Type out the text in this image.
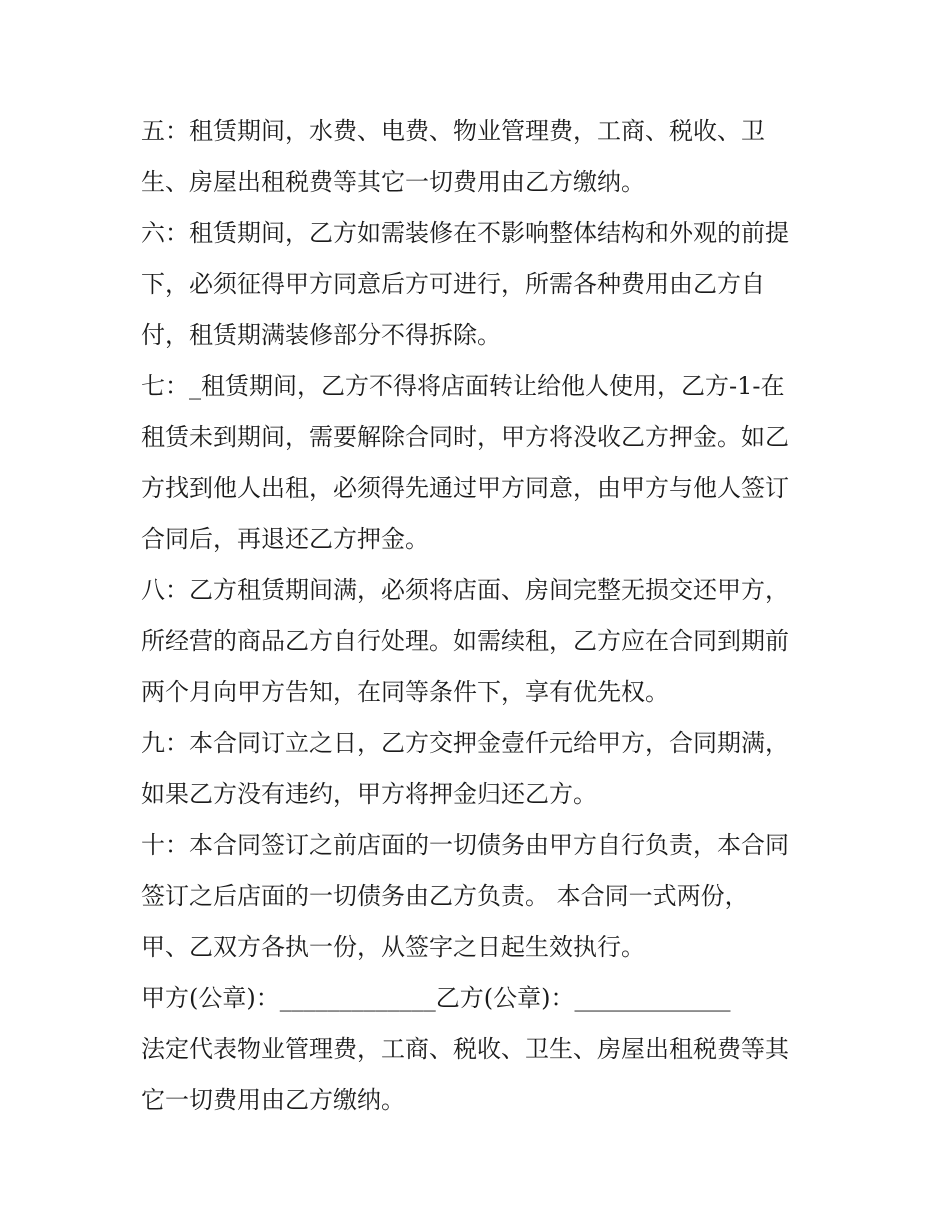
五：租赁期间，水费、电费、物业管理费，工商、税收、卫
生、房屋出租税费等其它一切费用由乙方缴纳。
六：租赁期间，乙方如需装修在不影响整体结构和外观的前提
下，必须征得甲方同意后方可进行，所需各种费用由乙方自
付，租赁期满装修部分不得拆除。
七：_租赁期间，乙方不得将店面转让给他人使用，乙方-1-在
租赁未到期间，需要解除合同时，甲方将没收乙方押金。如乙
方找到他人出租，必须得先通过甲方同意，由甲方与他人签订
合同后，再退还乙方押金。
八：乙方租赁期间满，必须将店面、房间完整无损交还甲方，
所经营的商品乙方自行处理。如需续租，乙方应在合同到期前
两个月向甲方告知，在同等条件下，享有优先权。
九：本合同订立之日，乙方交押金壹仟元给甲方，合同期满，
如果乙方没有违约，甲方将押金归还乙方。
十：本合同签订之前店面的一切债务由甲方自行负责，本合同
签订之后店面的一切债务由乙方负责。 本合同一式两份，
甲、乙双方各执一份，从签字之日起生效执行。
甲方(公章)：_____________乙方(公章)：_____________
法定代表物业管理费，工商、税收、卫生、房屋出租税费等其
它一切费用由乙方缴纳。
